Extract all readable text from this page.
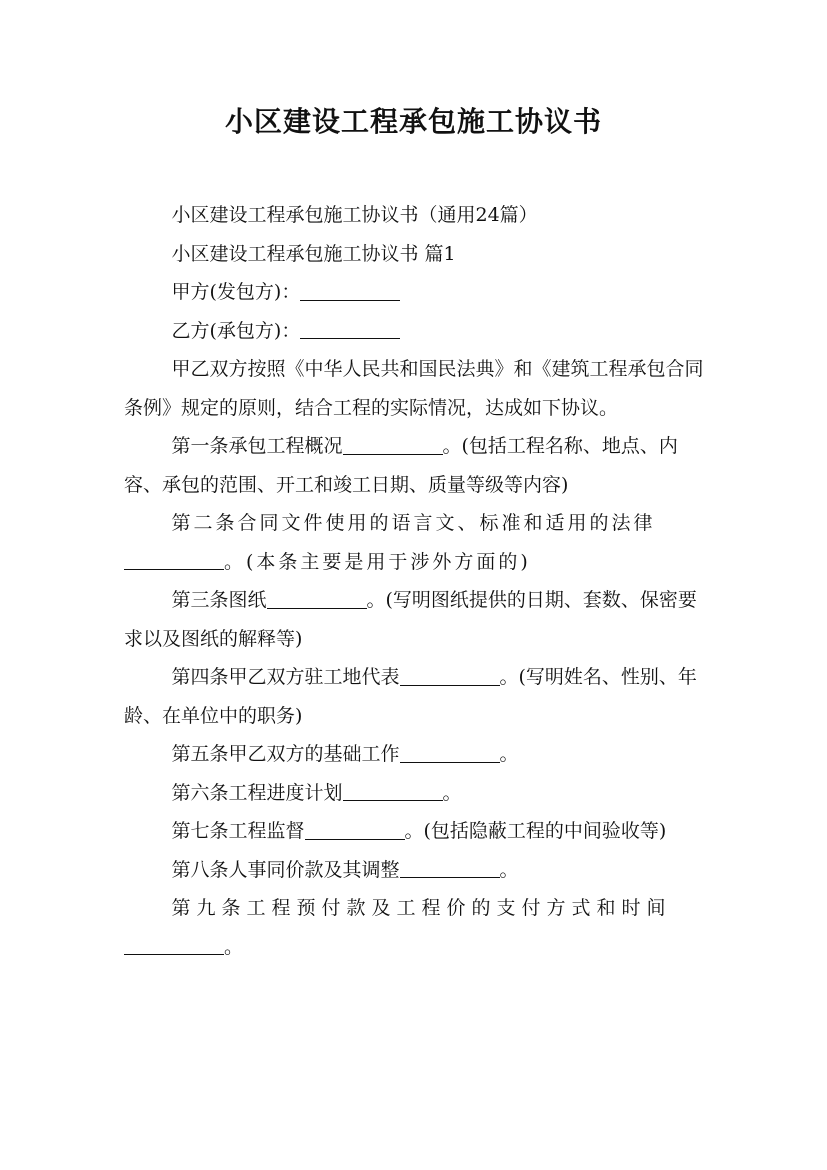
小区建设工程承包施工协议书

小区建设工程承包施工协议书（通用24篇）

小区建设工程承包施工协议书 篇1

甲方(发包方)：

乙方(承包方)：

甲乙双方按照《中华人民共和国民法典》和《建筑工程承包合同条例》规定的原则，结合工程的实际情况，达成如下协议。

第一条承包工程概况	。(包括工程名称、地点、内容、承包的范围、开工和竣工日期、质量等级等内容)

第二条合同文件使用的语言文、标准和适用的法律。(本条主要是用于涉外方面的)

第三条图纸	。(写明图纸提供的日期、套数、保密要求以及图纸的解释等)

第四条甲乙双方驻工地代表	。(写明姓名、性别、年龄、在单位中的职务)

第五条甲乙双方的基础工作	。

第六条工程进度计划	。

第七条工程监督	。(包括隐蔽工程的中间验收等)

第八条人事同价款及其调整	。

第九条工程预付款及工程价的支付方式和时间。
